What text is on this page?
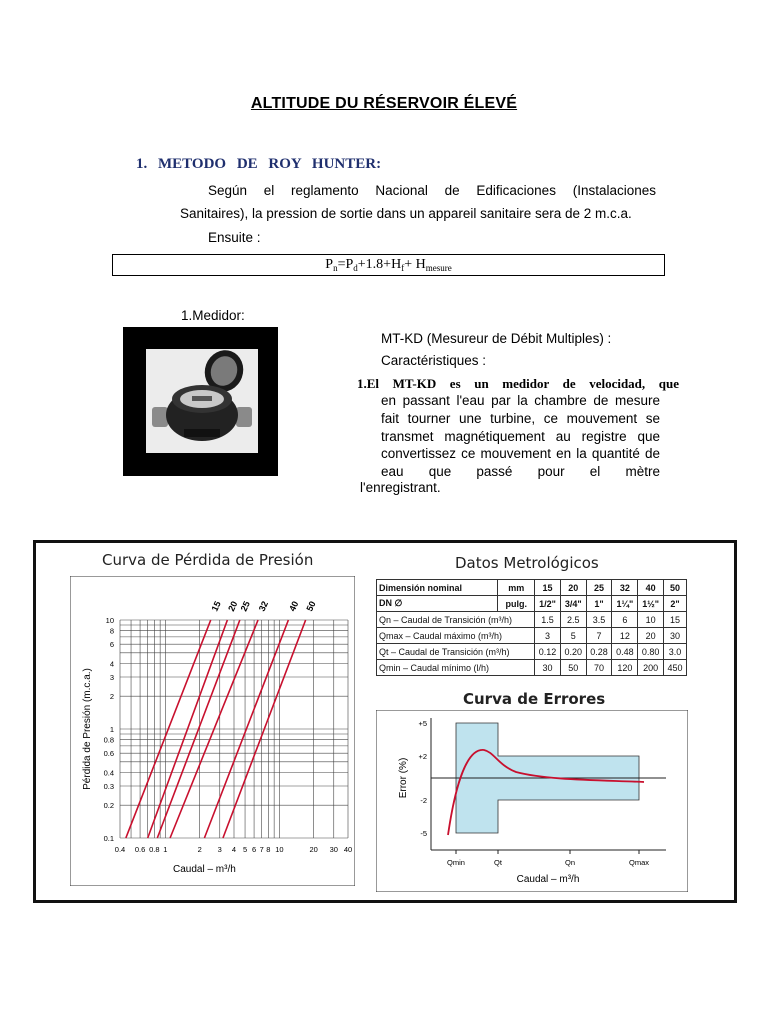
ALTITUDE DU RÉSERVOIR ÉLEVÉ
1. METODO DE ROY HUNTER:
Según el reglamento Nacional de Edificaciones (Instalaciones
Sanitaires), la pression de sortie dans un appareil sanitaire sera de 2 m.c.a.
Ensuite :
$P_n=P_d+1.8+H_f+ H_{mesure}$
1.Medidor:
MT-KD (Mesureur de Débit Multiples) :
Caractéristiques :
1.El MT-KD es un medidor de velocidad, que
en passant l'eau par la chambre de mesure
fait tourner une turbine, ce mouvement se
transmet magnétiquement au registre que
convertissez ce mouvement en la quantité de
eau que passé pour el mètre
l'enregistrant.
Curva de Pérdida de Presión
0.4 0.6 0.8 1	2 3 4 5 6 7 8 10	20 30 40
10
8
6
4
3
2
1
0.8
0.6
0.4
0.3
0.2
0.1
Caudal – m³/h
Pérdida de Presión (m.c.a.)
15 20 25 32 40 50
Datos Metrológicos
Dimensión nominal	mm	15	20	25	32	40	50
DN ∅	pulg.	1/2"	3/4"	1"	1¼"	1½"	2"
Qn – Caudal de Transición (m³/h)		1.5	2.5	3.5	6	10	15
Qmax – Caudal máximo (m³/h)		3	5	7	12	20	30
Qt – Caudal de Transición (m³/h)		0.12	0.20	0.28	0.48	0.80	3.0
Qmin – Caudal mínimo (l/h)		30	50	70	120	200	450
Curva de Errores
+5
+2
-2
-5
Qmin	Qt	Qn	Qmax
Caudal – m³/h
Error (%)
